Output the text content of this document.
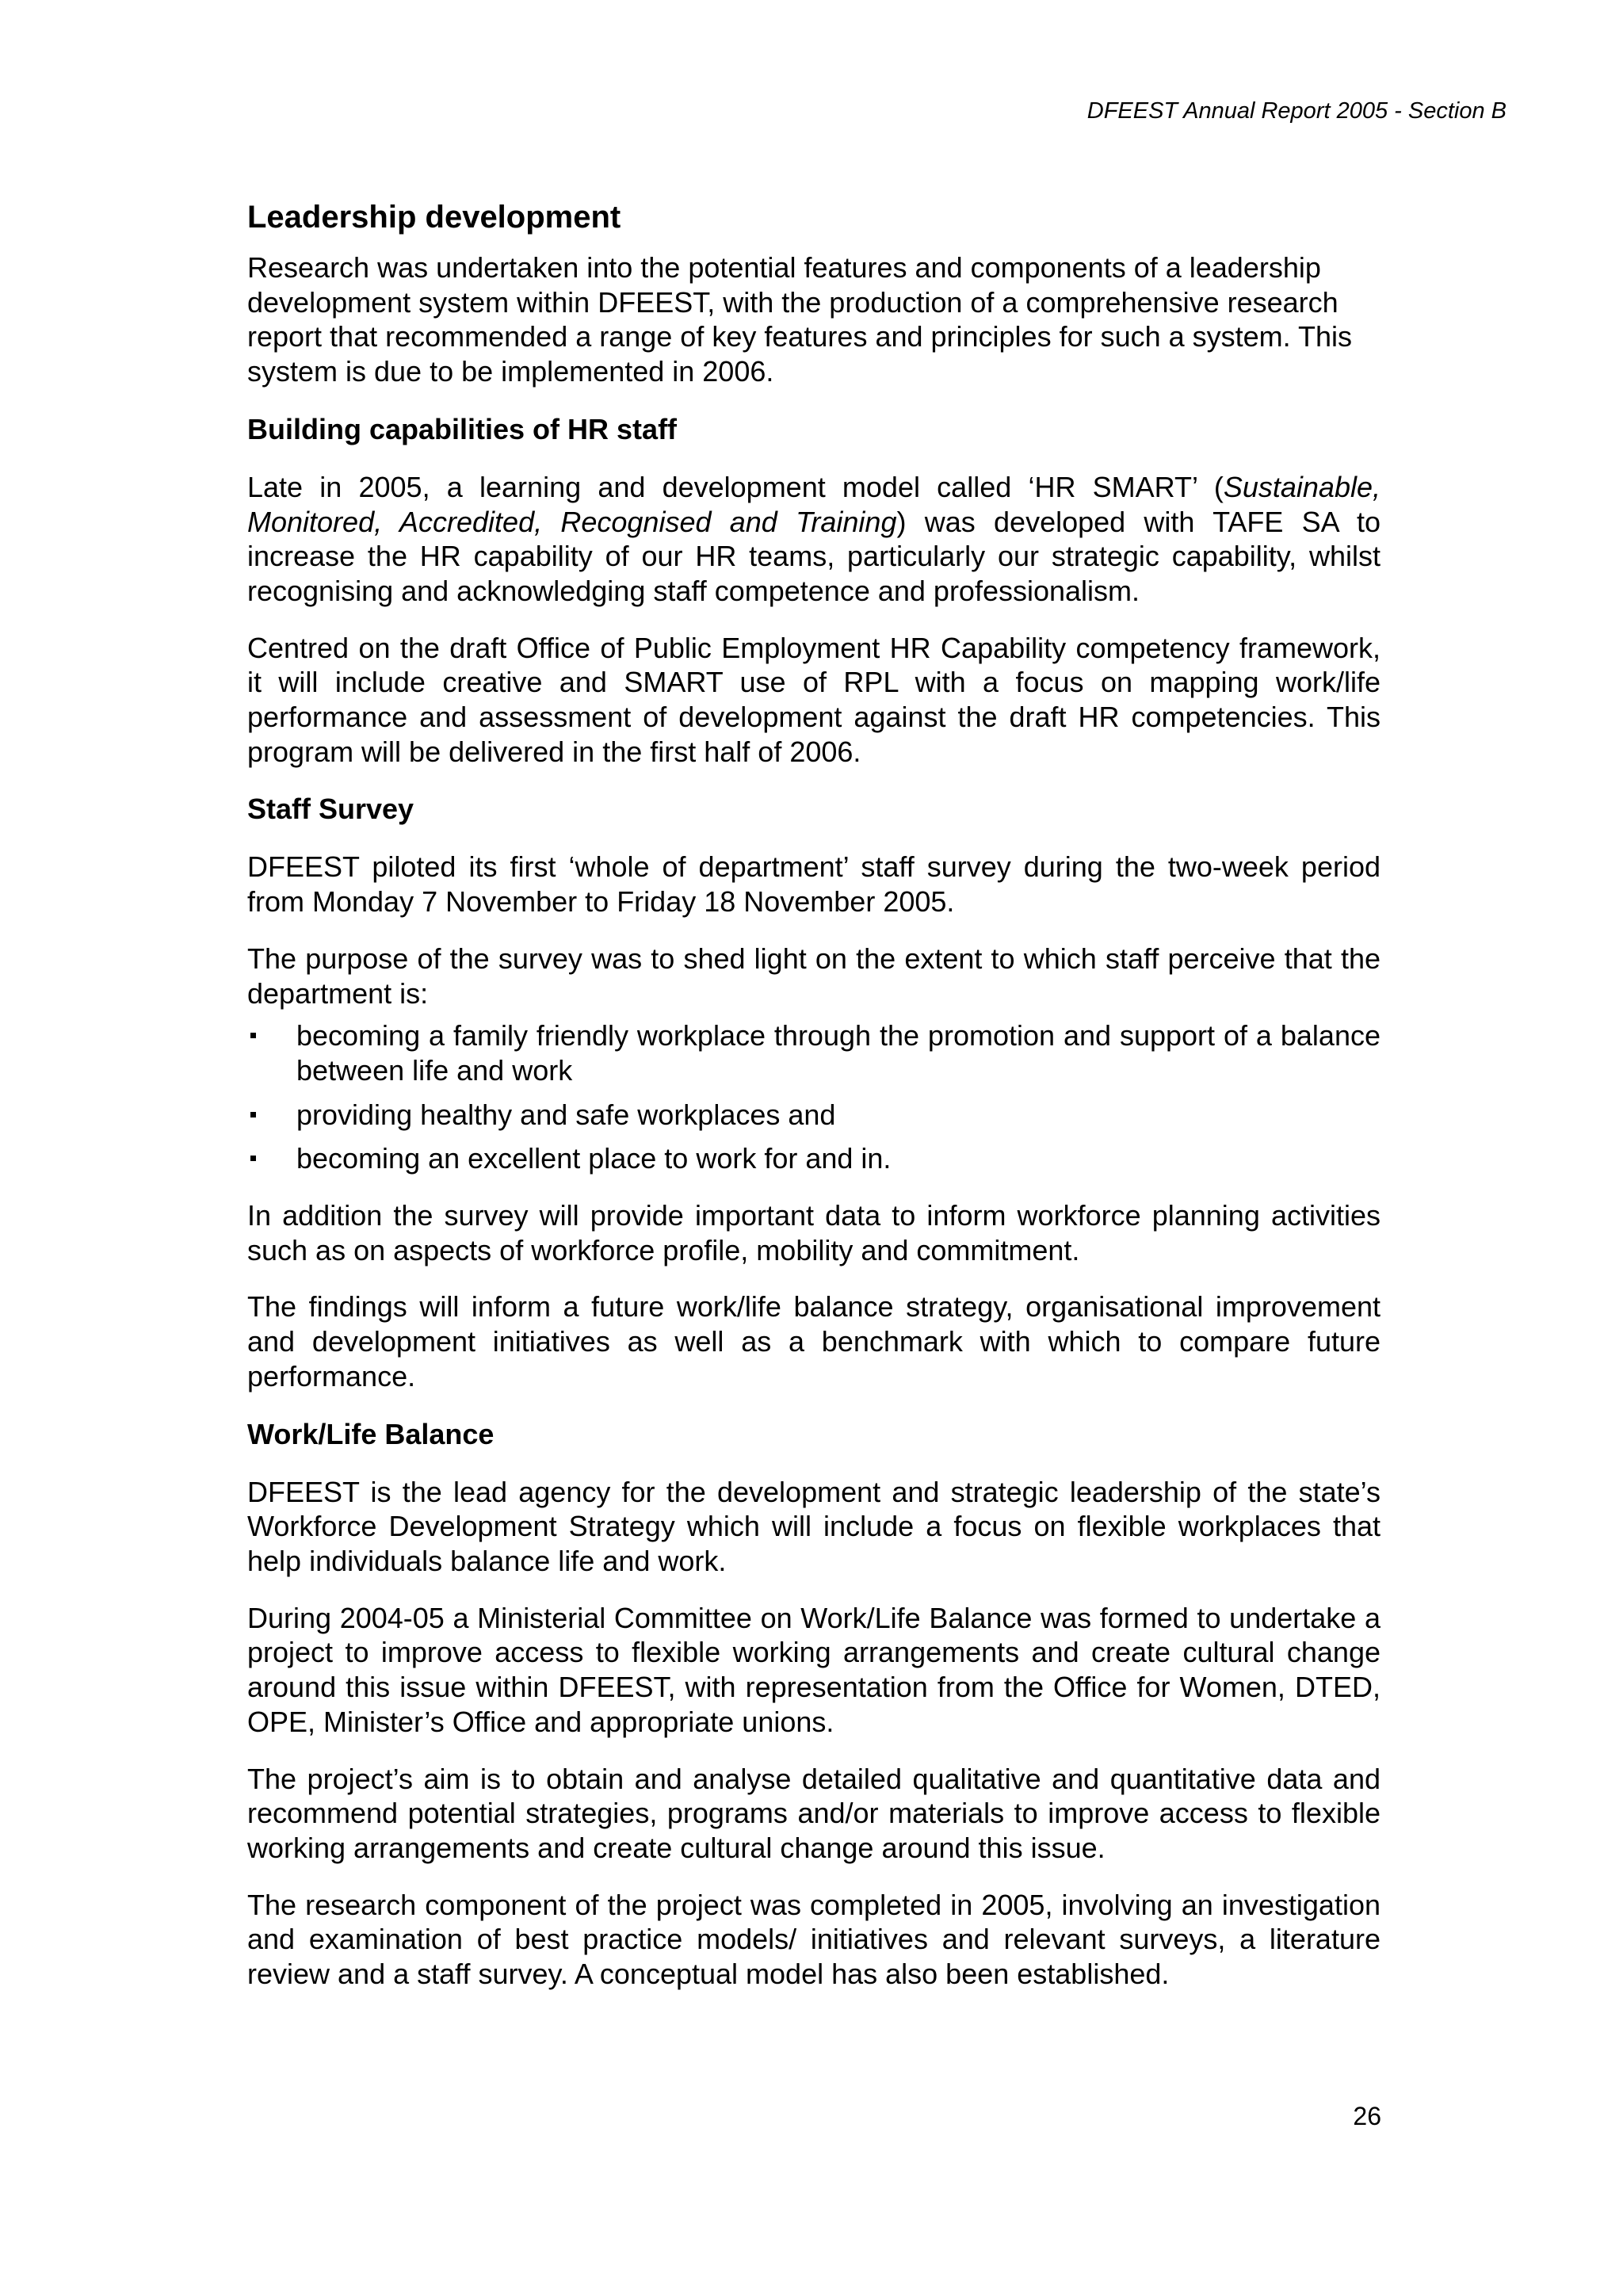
DFEEST Annual Report 2005 - Section B
Leadership development

Research was undertaken into the potential features and components of a leadership development system within DFEEST, with the production of a comprehensive research report that recommended a range of key features and principles for such a system. This system is due to be implemented in 2006.

Building capabilities of HR staff

Late in 2005, a learning and development model called ‘HR SMART’ (Sustainable, Monitored, Accredited, Recognised and Training) was developed with TAFE SA to increase the HR capability of our HR teams, particularly our strategic capability, whilst recognising and acknowledging staff competence and professionalism.

Centred on the draft Office of Public Employment HR Capability competency framework, it will include creative and SMART use of RPL with a focus on mapping work/life performance and assessment of development against the draft HR competencies. This program will be delivered in the first half of 2006.

Staff Survey

DFEEST piloted its first ‘whole of department’ staff survey during the two-week period from Monday 7 November to Friday 18 November 2005.

The purpose of the survey was to shed light on the extent to which staff perceive that the department is:

becoming a family friendly workplace through the promotion and support of a balance between life and work
providing healthy and safe workplaces and
becoming an excellent place to work for and in.

In addition the survey will provide important data to inform workforce planning activities such as on aspects of workforce profile, mobility and commitment.

The findings will inform a future work/life balance strategy, organisational improvement and development initiatives as well as a benchmark with which to compare future performance.

Work/Life Balance

DFEEST is the lead agency for the development and strategic leadership of the state’s Workforce Development Strategy which will include a focus on flexible workplaces that help individuals balance life and work.

During 2004-05 a Ministerial Committee on Work/Life Balance was formed to undertake a project to improve access to flexible working arrangements and create cultural change around this issue within DFEEST, with representation from the Office for Women, DTED, OPE, Minister’s Office and appropriate unions.

The project’s aim is to obtain and analyse detailed qualitative and quantitative data and recommend potential strategies, programs and/or materials to improve access to flexible working arrangements and create cultural change around this issue.

The research component of the project was completed in 2005, involving an investigation and examination of best practice models/ initiatives and relevant surveys, a literature review and a staff survey. A conceptual model has also been established.

26
